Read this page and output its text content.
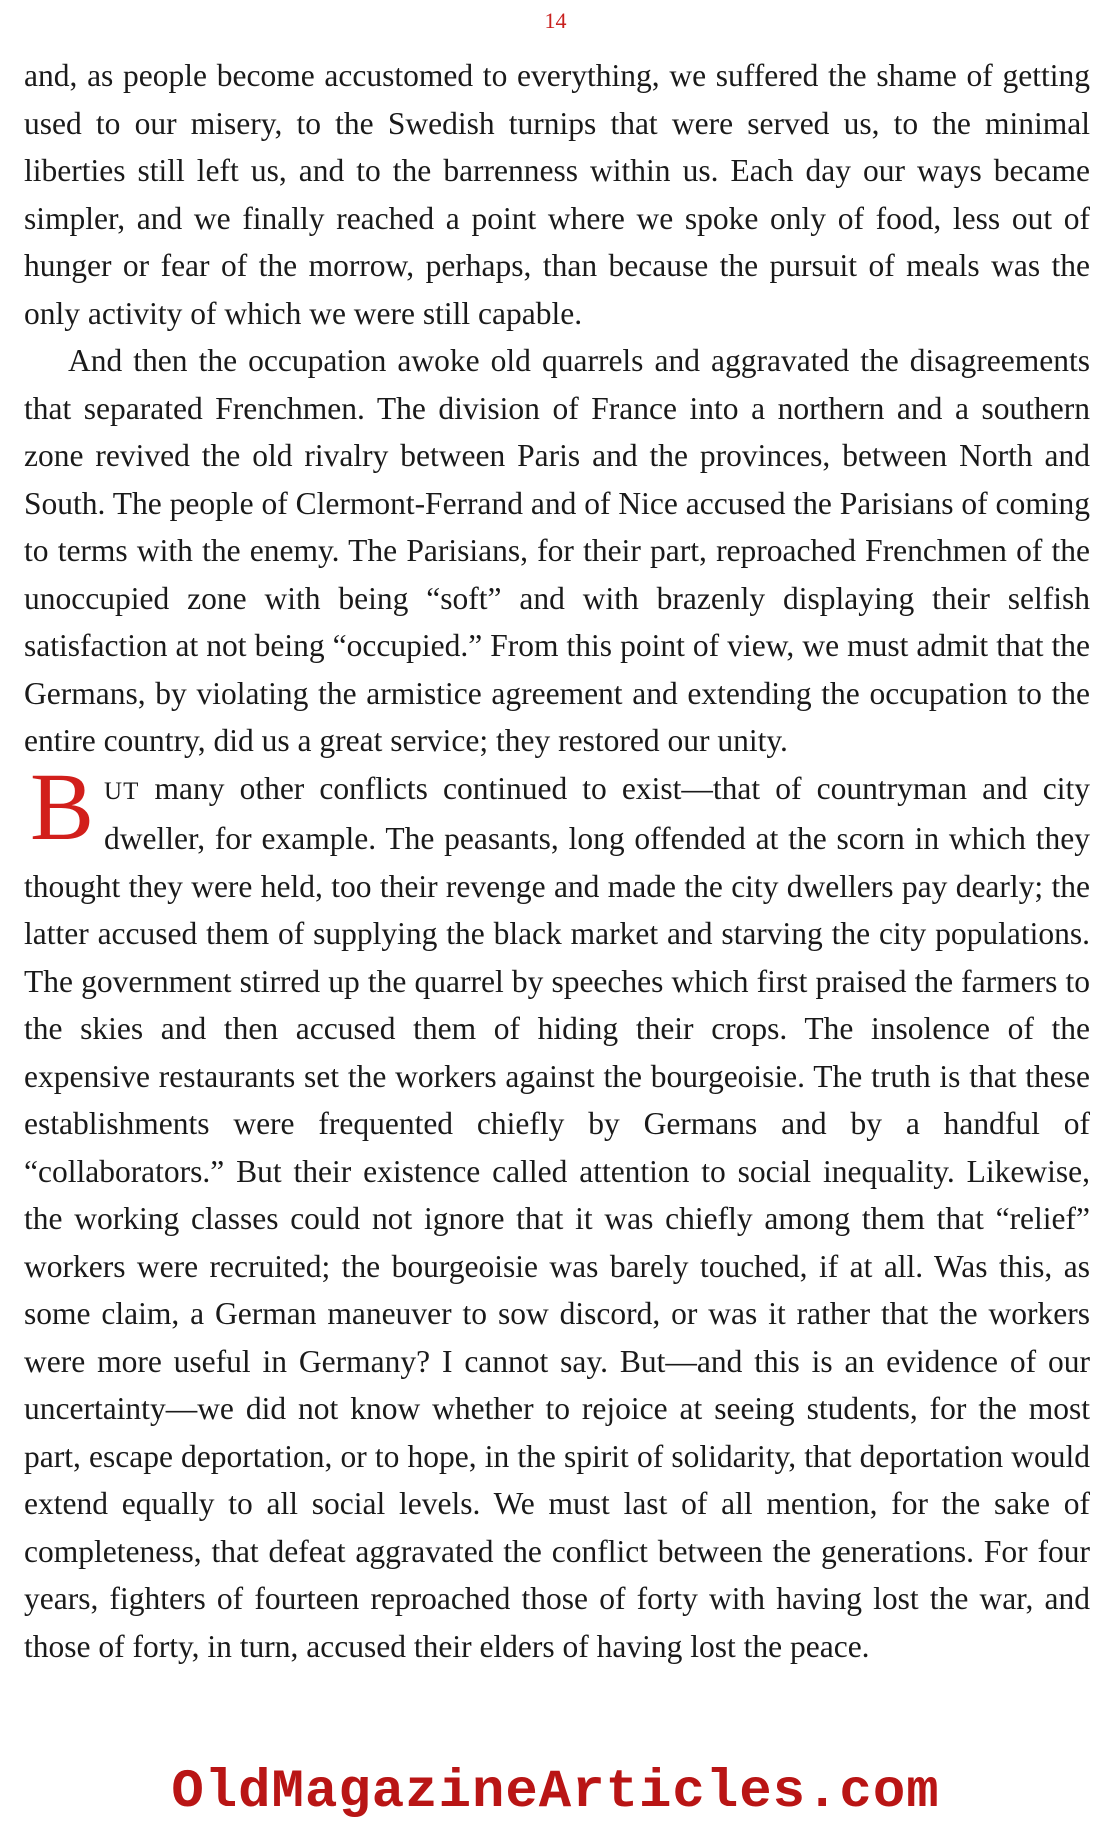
14

and, as people become accustomed to everything, we suffered the shame of getting used to our misery, to the Swedish turnips that were served us, to the minimal liberties still left us, and to the barrenness within us. Each day our ways became simpler, and we finally reached a point where we spoke only of food, less out of hunger or fear of the morrow, perhaps, than because the pursuit of meals was the only activity of which we were still capable.

And then the occupation awoke old quarrels and aggravated the disagreements that separated Frenchmen. The division of France into a northern and a southern zone revived the old rivalry between Paris and the provinces, between North and South. The people of Clermont-Ferrand and of Nice accused the Parisians of coming to terms with the enemy. The Parisians, for their part, reproached Frenchmen of the unoccupied zone with being “soft” and with brazenly displaying their selfish satisfaction at not being “occupied.” From this point of view, we must admit that the Germans, by violating the armistice agreement and extending the occupation to the entire country, did us a great service; they restored our unity.

BUT many other conflicts continued to exist—that of countryman and city dweller, for example. The peasants, long offended at the scorn in which they thought they were held, too their revenge and made the city dwellers pay dearly; the latter accused them of supplying the black market and starving the city populations. The government stirred up the quarrel by speeches which first praised the farmers to the skies and then accused them of hiding their crops. The insolence of the expensive restaurants set the workers against the bourgeoisie. The truth is that these establishments were frequented chiefly by Germans and by a handful of “collaborators.” But their existence called attention to social inequality. Likewise, the working classes could not ignore that it was chiefly among them that “relief” workers were recruited; the bourgeoisie was barely touched, if at all. Was this, as some claim, a German maneuver to sow discord, or was it rather that the workers were more useful in Germany? I cannot say. But—and this is an evidence of our uncertainty—we did not know whether to rejoice at seeing students, for the most part, escape deportation, or to hope, in the spirit of solidarity, that deportation would extend equally to all social levels. We must last of all mention, for the sake of completeness, that defeat aggravated the conflict between the generations. For four years, fighters of fourteen reproached those of forty with having lost the war, and those of forty, in turn, accused their elders of having lost the peace.

OldMagazineArticles.com
